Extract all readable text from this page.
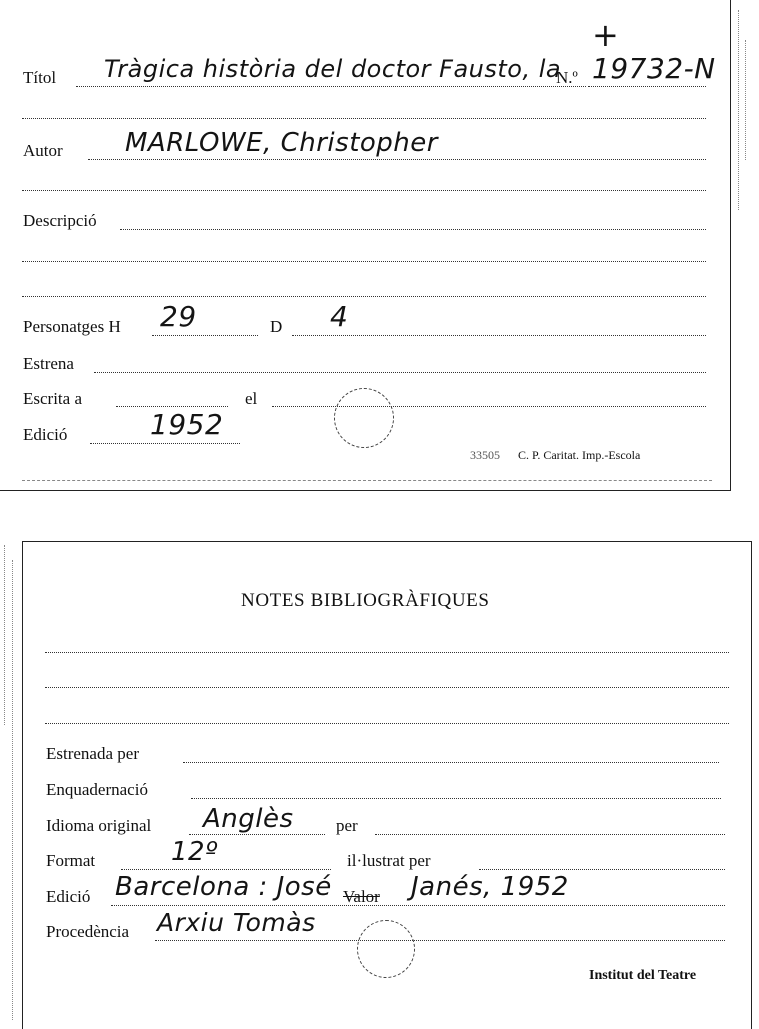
Títol Tràgica història del doctor Fausto, la
N.º 19732-N
+
Autor MARLOWE, Christopher
Descripció
Personatges H 29	D 4
Estrena
Escrita a	el
Edició	1952
33505 C. P. Caritat. Imp.-Escola
NOTES BIBLIOGRÀFIQUES
Estrenada per
Enquadernació
Idioma original Anglès per
Format	12º	il·lustrat per
Edició Barcelona : José Valor Janés, 1952
Procedència Arxiu Tomàs
Institut del Teatre
